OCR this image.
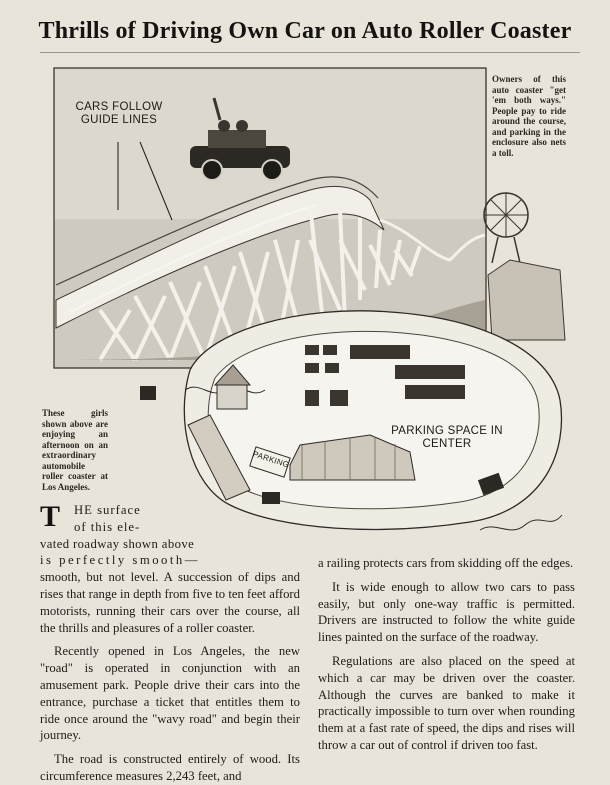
Thrills of Driving Own Car on Auto Roller Coaster
PARKING
CARS FOLLOW GUIDE LINES
PARKING SPACE IN CENTER
Owners of this auto coaster "get 'em both ways." People pay to ride around the course, and parking in the enclosure also nets a toll.
These girls shown above are enjoying an afternoon on an extraordinary automobile roller coaster at Los Angeles.

T	HE surface
of this ele-
vated roadway shown above
is perfectly smooth—
smooth, but not level. A succession of dips and rises that range in depth from five to ten feet afford motorists, running their cars over the course, all the thrills and pleasures of a roller coaster.

Recently opened in Los Angeles, the new "road" is operated in conjunction with an amusement park. People drive their cars into the entrance, purchase a ticket that entitles them to ride once around the "wavy road" and begin their journey.

The road is constructed entirely of wood. Its circumference measures 2,243 feet, and

a railing protects cars from skidding off the edges.

It is wide enough to allow two cars to pass easily, but only one-way traffic is permitted. Drivers are instructed to follow the white guide lines painted on the surface of the roadway.

Regulations are also placed on the speed at which a car may be driven over the coaster. Although the curves are banked to make it practically impossible to turn over when rounding them at a fast rate of speed, the dips and rises will throw a car out of control if driven too fast.
